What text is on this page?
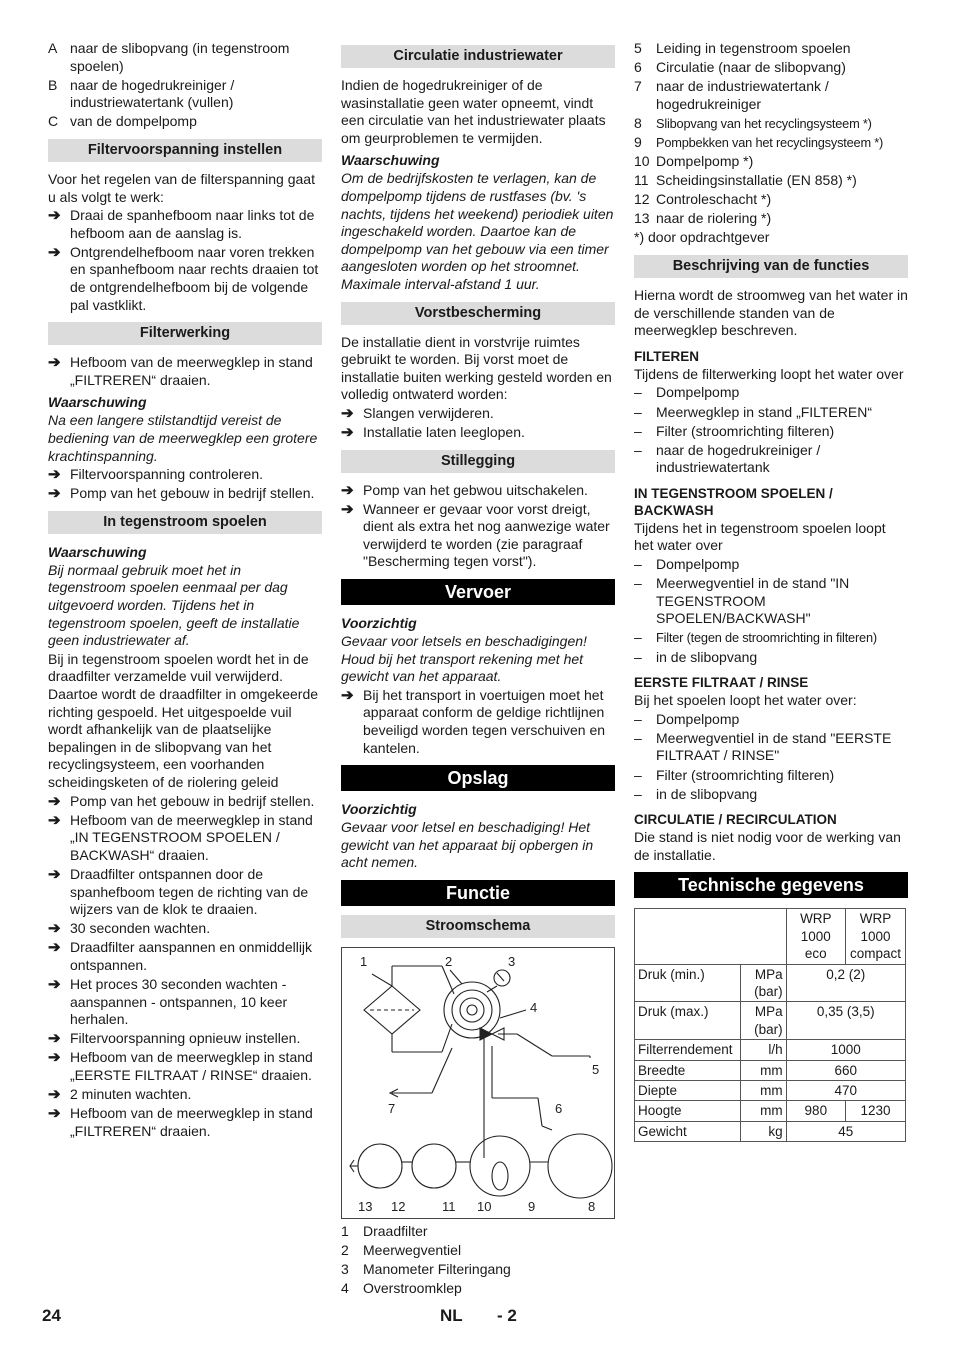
A naar de slibopvang (in tegenstroom spoelen)
B naar de hogedrukreiniger / industriewatertank (vullen)
C van de dompelpomp
Filtervoorspanning instellen

Voor het regelen van de filterspanning gaat u als volgt te werk:

➔ Draai de spanhefboom naar links tot de hefboom aan de aanslag is.
➔ Ontgrendelhefboom naar voren trekken en spanhefboom naar rechts draaien tot de ontgrendelhefboom bij de volgende pal vastklikt.
Filterwerking
➔ Hefboom van de meerwegklep in stand „FILTREREN“ draaien.

Waarschuwing

Na een langere stilstandtijd vereist de bediening van de meerwegklep een grotere krachtinspanning.

➔ Filtervoorspanning controleren.
➔ Pomp van het gebouw in bedrijf stellen.
In tegenstroom spoelen

Waarschuwing

Bij normaal gebruik moet het in tegenstroom spoelen eenmaal per dag uitgevoerd worden. Tijdens het in tegenstroom spoelen, geeft de installatie geen industriewater af.

Bij in tegenstroom spoelen wordt het in de draadfilter verzamelde vuil verwijderd. Daartoe wordt de draadfilter in omgekeerde richting gespoeld. Het uitgespoelde vuil wordt afhankelijk van de plaatselijke bepalingen in de slibopvang van het recyclingsysteem, een voorhanden scheidingsketen of de riolering geleid

➔ Pomp van het gebouw in bedrijf stellen.
➔ Hefboom van de meerwegklep in stand „IN TEGENSTROOM SPOELEN / BACKWASH“ draaien.
➔ Draadfilter ontspannen door de spanhefboom tegen de richting van de wijzers van de klok te draaien.
➔ 30 seconden wachten.
➔ Draadfilter aanspannen en onmiddellijk ontspannen.
➔ Het proces 30 seconden wachten - aanspannen - ontspannen, 10 keer herhalen.
➔ Filtervoorspanning opnieuw instellen.
➔ Hefboom van de meerwegklep in stand „EERSTE FILTRAAT / RINSE“ draaien.
➔ 2 minuten wachten.
➔ Hefboom van de meerwegklep in stand „FILTREREN“ draaien.
Circulatie industriewater

Indien de hogedrukreiniger of de wasinstallatie geen water opneemt, vindt een circulatie van het industriewater plaats om geurproblemen te vermijden.

Waarschuwing

Om de bedrijfskosten te verlagen, kan de dompelpomp tijdens de rustfases (bv. 's nachts, tijdens het weekend) periodiek uiten ingeschakeld worden. Daartoe kan de dompelpomp van het gebouw via een timer aangesloten worden op het stroomnet. Maximale interval-afstand 1 uur.

Vorstbescherming

De installatie dient in vorstvrije ruimtes gebruikt te worden. Bij vorst moet de installatie buiten werking gesteld worden en volledig ontwaterd worden:

➔ Slangen verwijderen.
➔ Installatie laten leeglopen.
Stillegging
➔ Pomp van het gebwou uitschakelen.
➔ Wanneer er gevaar voor vorst dreigt, dient als extra het nog aanwezige water verwijderd te worden (zie paragraaf "Bescherming tegen vorst").
Vervoer

Voorzichtig

Gevaar voor letsels en beschadigingen! Houd bij het transport rekening met het gewicht van het apparaat.

➔ Bij het transport in voertuigen moet het apparaat conform de geldige richtlijnen beveiligd worden tegen verschuiven en kantelen.
Opslag

Voorzichtig

Gevaar voor letsel en beschadiging! Het gewicht van het apparaat bij opbergen in acht nemen.

Functie
Stroomschema
1	2	3
4
5
6
7
8
9
10
11
12
13
1	Draadfilter
2	Meerwegventiel
3	Manometer Filteringang
4	Overstroomklep
5	Leiding in tegenstroom spoelen
6	Circulatie (naar de slibopvang)
7	naar de industriewatertank / hogedrukreiniger
8	Slibopvang van het recyclingsysteem *)
9	Pompbekken van het recyclingsysteem *)
10 Dompelpomp *)
11 Scheidingsinstallatie (EN 858) *)
12 Controleschacht *)
13 naar de riolering *)

*) door opdrachtgever

Beschrijving van de functies

Hierna wordt de stroomweg van het water in de verschillende standen van de meerwegklep beschreven.

FILTEREN

Tijdens de filterwerking loopt het water over

–	Dompelpomp
–	Meerwegklep in stand „FILTEREN“
–	Filter (stroomrichting filteren)
–	naar de hogedrukreiniger / industriewatertank

IN TEGENSTROOM SPOELEN / BACKWASH

Tijdens het in tegenstroom spoelen loopt het water over

–	Dompelpomp
–	Meerwegventiel in de stand "IN TEGENSTROOM SPOELEN/BACKWASH"
–	Filter (tegen de stroomrichting in filteren)
–	in de slibopvang

EERSTE FILTRAAT / RINSE

Bij het spoelen loopt het water over:

–	Dompelpomp
–	Meerwegventiel in de stand "EERSTE FILTRAAT / RINSE"
–	Filter (stroomrichting filteren)
–	in de slibopvang

CIRCULATIE / RECIRCULATION

Die stand is niet nodig voor de werking van de installatie.

Technische gegevens
		WRP 1000 eco	WRP 1000 compact
Druk (min.)	MPa (bar)	0,2 (2)	
Druk (max.)	MPa (bar)	0,35 (3,5)	
Filterrendement	l/h	1000	
Breedte	mm	660	
Diepte	mm	470	
Hoogte	mm	980	1230
Gewicht	kg	45	
24	NL - 2
